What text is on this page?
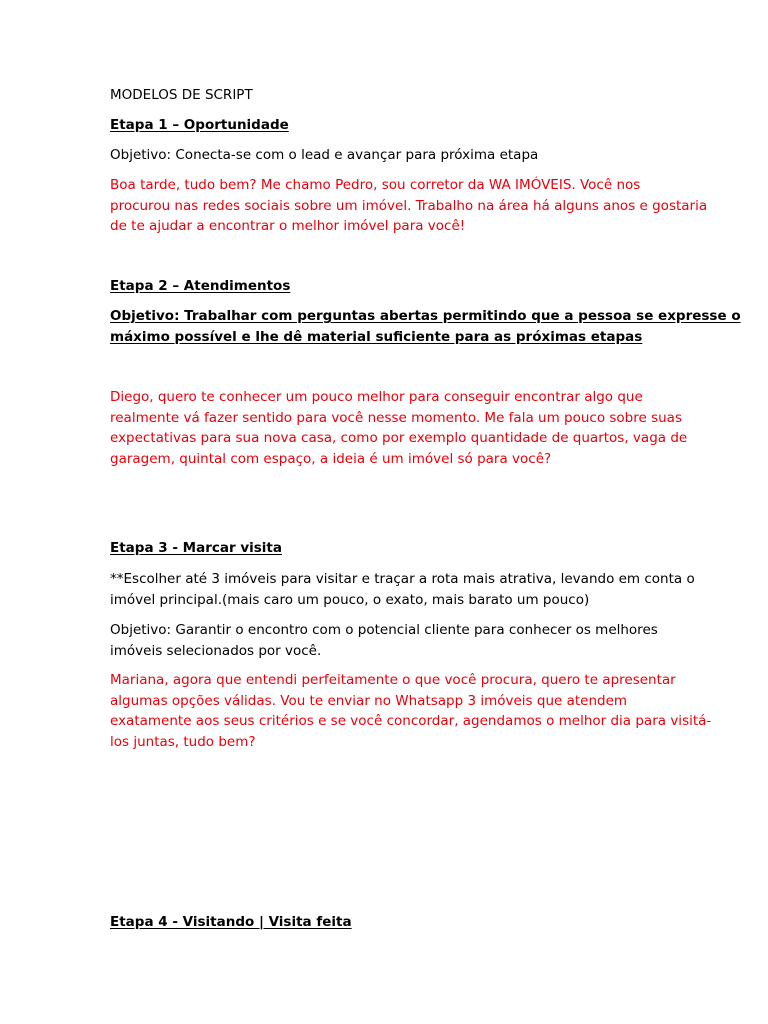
MODELOS DE SCRIPT
Etapa 1 – Oportunidade
Objetivo: Conecta-se com o lead e avançar para próxima etapa
Boa tarde, tudo bem? Me chamo Pedro, sou corretor da WA IMÓVEIS. Você nos
procurou nas redes sociais sobre um imóvel. Trabalho na área há alguns anos e gostaria
de te ajudar a encontrar o melhor imóvel para você!
Etapa 2 – Atendimentos
Objetivo: Trabalhar com perguntas abertas permitindo que a pessoa se expresse o
máximo possível e lhe dê material suficiente para as próximas etapas
Diego, quero te conhecer um pouco melhor para conseguir encontrar algo que
realmente vá fazer sentido para você nesse momento. Me fala um pouco sobre suas
expectativas para sua nova casa, como por exemplo quantidade de quartos, vaga de
garagem, quintal com espaço, a ideia é um imóvel só para você?
Etapa 3 - Marcar visita
**Escolher até 3 imóveis para visitar e traçar a rota mais atrativa, levando em conta o
imóvel principal.(mais caro um pouco, o exato, mais barato um pouco)
Objetivo: Garantir o encontro com o potencial cliente para conhecer os melhores
imóveis selecionados por você.
Mariana, agora que entendi perfeitamente o que você procura, quero te apresentar
algumas opções válidas. Vou te enviar no Whatsapp 3 imóveis que atendem
exatamente aos seus critérios e se você concordar, agendamos o melhor dia para visitá-
los juntas, tudo bem?
Etapa 4 - Visitando | Visita feita
